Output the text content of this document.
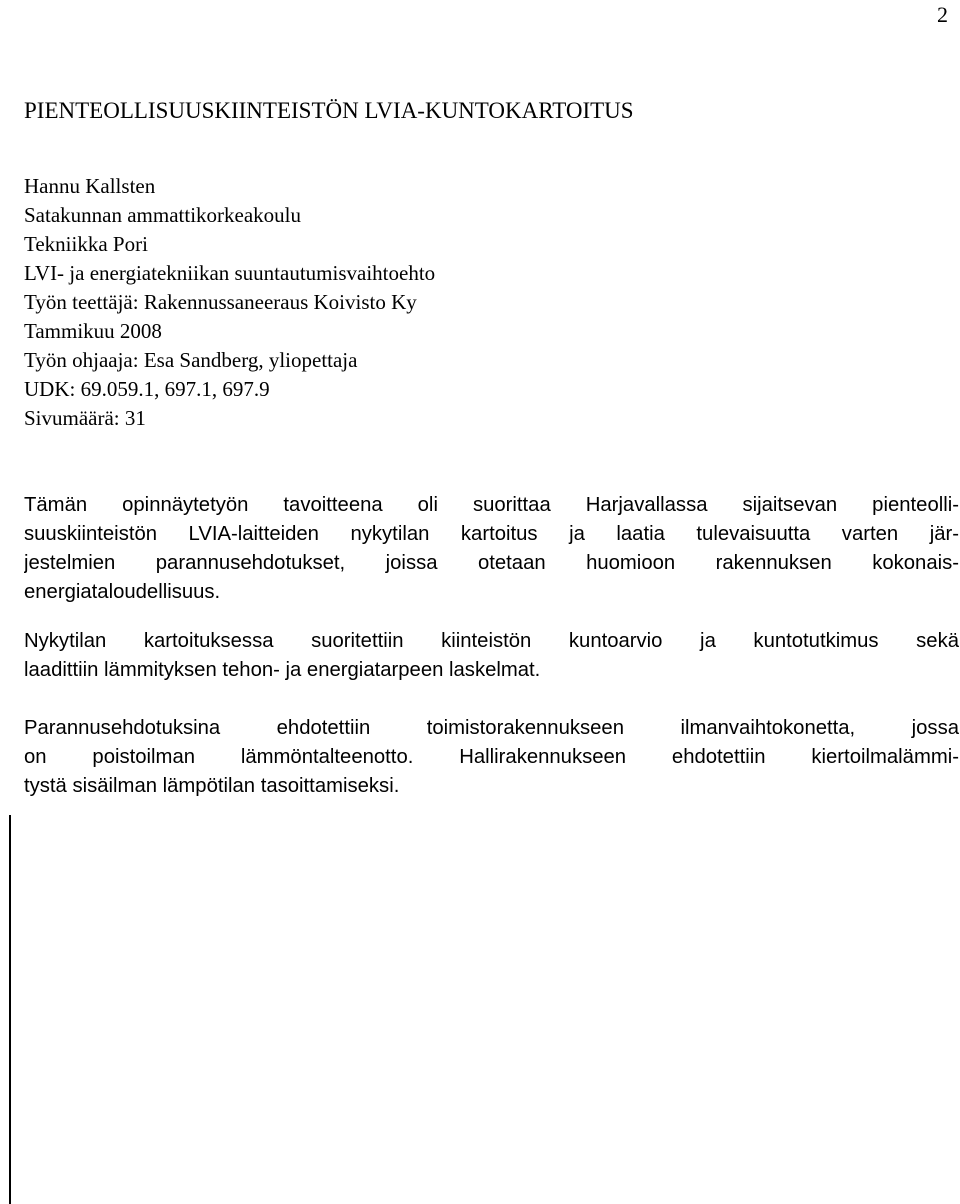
2
PIENTEOLLISUUSKIINTEISTÖN LVIA-KUNTOKARTOITUS
Hannu Kallsten
Satakunnan ammattikorkeakoulu
Tekniikka Pori
LVI- ja energiatekniikan suuntautumisvaihtoehto
Työn teettäjä: Rakennussaneeraus Koivisto Ky
Tammikuu 2008
Työn ohjaaja: Esa Sandberg, yliopettaja
UDK: 69.059.1, 697.1, 697.9
Sivumäärä: 31

Tämän opinnäytetyön tavoitteena oli suorittaa Harjavallassa sijaitsevan pienteolli-
suuskiinteistön LVIA-laitteiden nykytilan kartoitus ja laatia tulevaisuutta varten jär-
jestelmien parannusehdotukset, joissa otetaan huomioon rakennuksen kokonais-
energiataloudellisuus.

Nykytilan kartoituksessa suoritettiin kiinteistön kuntoarvio ja kuntotutkimus sekä
laadittiin lämmityksen tehon- ja energiatarpeen laskelmat.

Parannusehdotuksina ehdotettiin toimistorakennukseen ilmanvaihtokonetta, jossa
on poistoilman lämmöntalteenotto. Hallirakennukseen ehdotettiin kiertoilmalämmi-
tystä sisäilman lämpötilan tasoittamiseksi.
